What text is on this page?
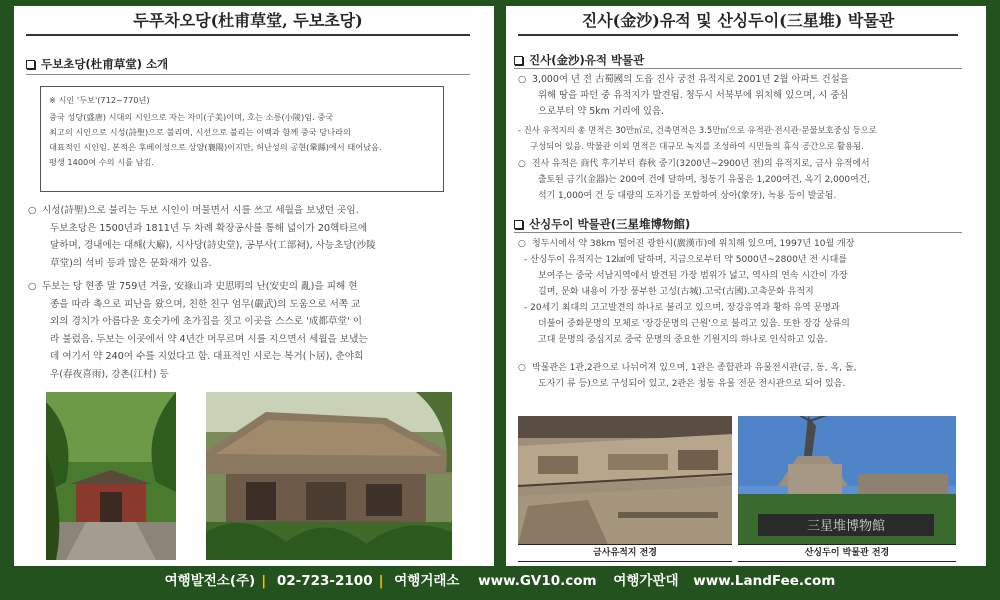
두푸차오당(杜甫草堂, 두보초당)
두보초당(杜甫草堂) 소개
※ 시인 '두보'(712~770년)
중국 성당(盛唐) 시대의 시인으로 자는 자미(子美)이며, 호는 소릉(小陵)임. 중국
최고의 시인으로 시성(詩聖)으로 불리며, 시선으로 불리는 이백과 함께 중국 당나라의
대표적인 시인임. 본적은 후베이성으로 상양(襄陽)이지만, 허난성의 공현(鞏縣)에서 태어났음.
평생 1400여 수의 시를 남김.
○ 시성(詩聖)으로 불리는 두보 시인이 머물면서 시를 쓰고 세월을 보냈던 곳임.
두보초당은 1500년과 1811년 두 차례 확장공사를 통해 넓이가 20헥타르에
달하며, 경내에는 대해(大廨), 시사당(詩史堂), 공부사(工部祠), 사능초당(沙陵
草堂)의 석비 등과 많은 문화재가 있음.
○ 두보는 당 현종 말 759년 겨울, 安祿山과 史思明의 난(安史의 亂)을 피해 현
종을 따라 촉으로 피난을 왔으며, 친한 친구 엄무(嚴武)의 도움으로 서쪽 교
외의 경치가 아름다운 호숫가에 초가집을 짓고 이곳을 스스로 '成都草堂' 이
라 불렀음. 두보는 이곳에서 약 4년간 머무르며 시를 지으면서 세월을 보냈는
데 여기서 약 240여 수를 지었다고 함. 대표적인 시로는 복거(卜居), 춘야희
우(春夜喜雨), 강촌(江村) 등
진사(金沙)유적 및 산싱두이(三星堆) 박물관
진사(金沙)유적 박물관
○ 3,000여 년 전 古蜀國의 도읍 진사 궁전 유적지로 2001년 2월 아파트 건설을
위해 땅을 파던 중 유적지가 발견됨. 청두시 서북부에 위치해 있으며, 시 중심
으로부터 약 5km 거리에 있음.
- 진사 유적지의 총 면적은 30만㎡로, 건축면적은 3.5만㎡으로 유적관·전시관·문물보호중심 등으로
구성되어 있음. 박물관 이외 면적은 대규모 녹지를 조성하여 시민들의 휴식 공간으로 활용됨.
○ 진사 유적은 商代 후기부터 春秋 중기(3200년~2900년 전)의 유적지로, 금사 유적에서
출토된 금기(金器)는 200여 건에 달하며, 청동기 유물은 1,200여건, 옥기 2,000여건,
석기 1,000여 건 등 대량의 도자기를 포함하여 상아(象牙), 녹용 등이 발굴됨.
산싱두이 박물관(三星堆博物館)
○ 청두시에서 약 38km 떨어진 광한시(廣漢市)에 위치해 있으며, 1997년 10월 개장
- 산싱두이 유적지는 12㎢에 달하며, 지금으로부터 약 5000년~2800년 전 시대를
보여주는 중국 서남지역에서 발견된 가장 범위가 넓고, 역사의 연속 시간이 가장
길며, 문화 내용이 가장 풍부한 고성(古城).고국(古國).고촉문화 유적지
- 20세기 최대의 고고발견의 하나로 불리고 있으며, 장강유역과 황하 유역 문명과
더불어 중화문명의 모체로 '장강문명의 근원'으로 불리고 있음. 또한 장강 상류의
고대 문명의 중심지로 중국 문명의 중요한 기원지의 하나로 인식하고 있음.
○ 박물관은 1관,2관으로 나뉘어져 있으며, 1관은 종합관과 유물전시관(금, 동, 옥, 돌,
도자기 류 등)으로 구성되어 있고, 2관은 청동 유물 전문 전시관으로 되어 있음.
三星堆博物館
금사유적지 전경	산싱두이 박물관 전경
여행발전소(주) | 02-723-2100 | 여행거래소 www.GV10.com 여행가판대 www.LandFee.com
